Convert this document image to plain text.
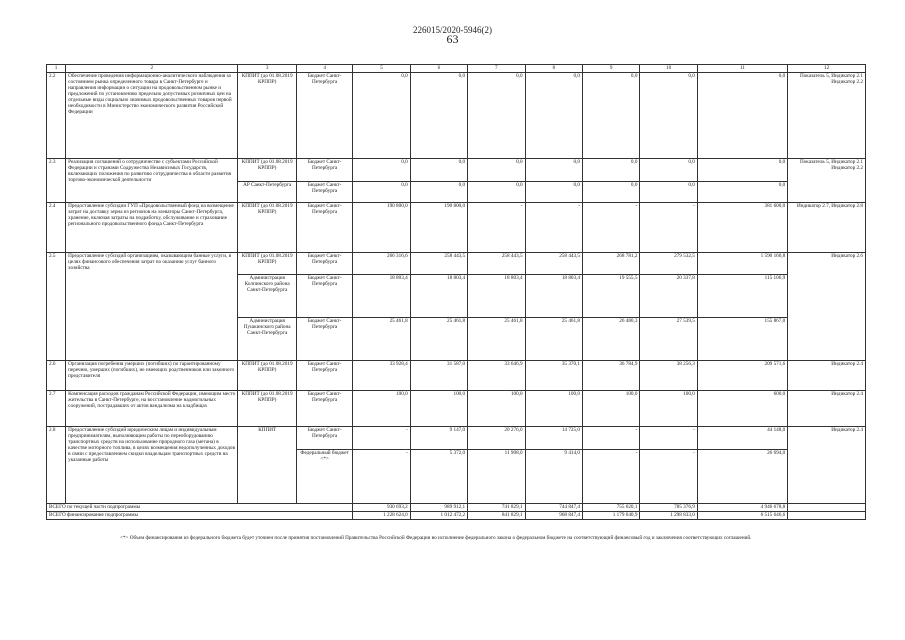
226015/2020-5946(2)
63
1	2	3	4	5	6	7	8	9	10	11	12
2.2	Обеспечение проведения информационно-аналитического наблюдения за состоянием рынка определенного товара в Санкт-Петербурге и направления информации о ситуации на продовольственном рынке и предложений по установлению предельно допустимых розничных цен на отдельные виды социально значимых продовольственных товаров первой необходимости в Министерство экономического развития Российской Федерации	КППИТ (до 01.08.2019 КРППР)	Бюджет Санкт-Петербурга	0,0	0,0	0,0	0,0	0,0	0,0	0,0	Показатель 5, Индикатор 2.1 Индикатор 2.2
2.3	Реализация соглашений о сотрудничестве с субъектами Российской Федерации и странами Содружества Независимых Государств, включающих положения по развитию сотрудничества в области развития торгово-экономической деятельности	КППИТ (до 01.08.2019 КРППР)	Бюджет Санкт-Петербурга	0,0	0,0	0,0	0,0	0,0	0,0	0,0	Показатель 5, Индикатор 2.1 Индикатор 2.2
		АР Санкт-Петербурга	Бюджет Санкт-Петербурга	0,0	0,0	0,0	0,0	0,0	0,0	0,0	
2.4	Предоставление субсидии ГУП «Продовольственный фонд на возмещение затрат на доставку зерна из регионов на элеваторы Санкт-Петербурга, хранение, включая затраты на подработку, обслуживание и страхование регионального продовольственного фонда Санкт-Петербурга	КППИТ (до 01.08.2019 КРППР)	Бюджет Санкт-Петербурга	190 800,0	190 800,0	-	-	-	-	381 600,0	Индикатор 2.7, Индикатор 2.8
2.5	Предоставление субсидий организациям, оказывающим банные услуги, в целях финансового обеспечения затрат по оказанию услуг банного хозяйства	КППИТ (до 01.08.2019 КРППР)	Бюджет Санкт-Петербурга	266 316,6	258 443,5	258 443,5	258 443,5	268 781,2	279 532,5	1 590 160,8	Индикатор 2.6
		Администрация Колпинского района Санкт-Петербурга	Бюджет Санкт-Петербурга	18 803,4	18 803,4	18 803,4	18 803,4	19 555,5	20 337,8	115 106,9	
		Администрация Пушкинского района Санкт-Петербурга	Бюджет Санкт-Петербурга	25 461,8	25 461,8	25 461,8	25 461,8	26 480,3	27 539,5	155 867,0	
2.6	Организация погребения умерших (погибших) по гарантированному перечню, умерших (погибших), не имеющих родственников или законного представителя	КППИТ (до 01.08.2019 КРППР)	Бюджет Санкт-Петербурга	33 928,4	31 587,0	33 646,9	35 370,1	36 784,9	38 256,3	209 571,6	Индикатор 2.4
2.7	Компенсация расходов гражданам Российской Федерации, имеющим место жительства в Санкт-Петербурге, на восстановление надмогильных сооружений, пострадавших от актов вандализма на кладбищах	КППИТ (до 01.08.2019 КРППР)	Бюджет Санкт-Петербурга	100,0	100,0	100,0	100,0	100,0	100,0	600,0	Индикатор 2.4
2.8	Предоставление субсидий юридическим лицам и индивидуальным предпринимателям, выполняющим работы по переоборудованию транспортных средств на использование природного газа (метана) в качестве моторного топлива, в целях возмещения недополученных доходов в связи с предоставлением скидки владельцам транспортных средств на указанные работы	КППИТ	Бюджет Санкт-Петербурга	-	9 147,0	20 276,0	14 725,0	-	-	44 148,0	Индикатор 2.4
			Федеральный бюджет <*>	-	5 372,0	11 908,0	9 414,0	-	-	26 694,0	
ВСЕГО по текущей части подпрограммы				930 693,2	989 912,1	741 829,1	744 847,4	755 020,1	785 376,9	4 946 678,8	
ВСЕГО финансирование подпрограммы				1 228 624,0	1 012 472,2	841 829,1	968 847,4	1 179 040,9	1 298 833,0	6 515 646,6	
<*> Объем финансирования из федерального бюджета будет уточнен после принятия постановлений Правительства Российской Федерации во исполнение федерального закона о федеральном бюджете на соответствующий финансовый год и заключения соответствующих соглашений.
